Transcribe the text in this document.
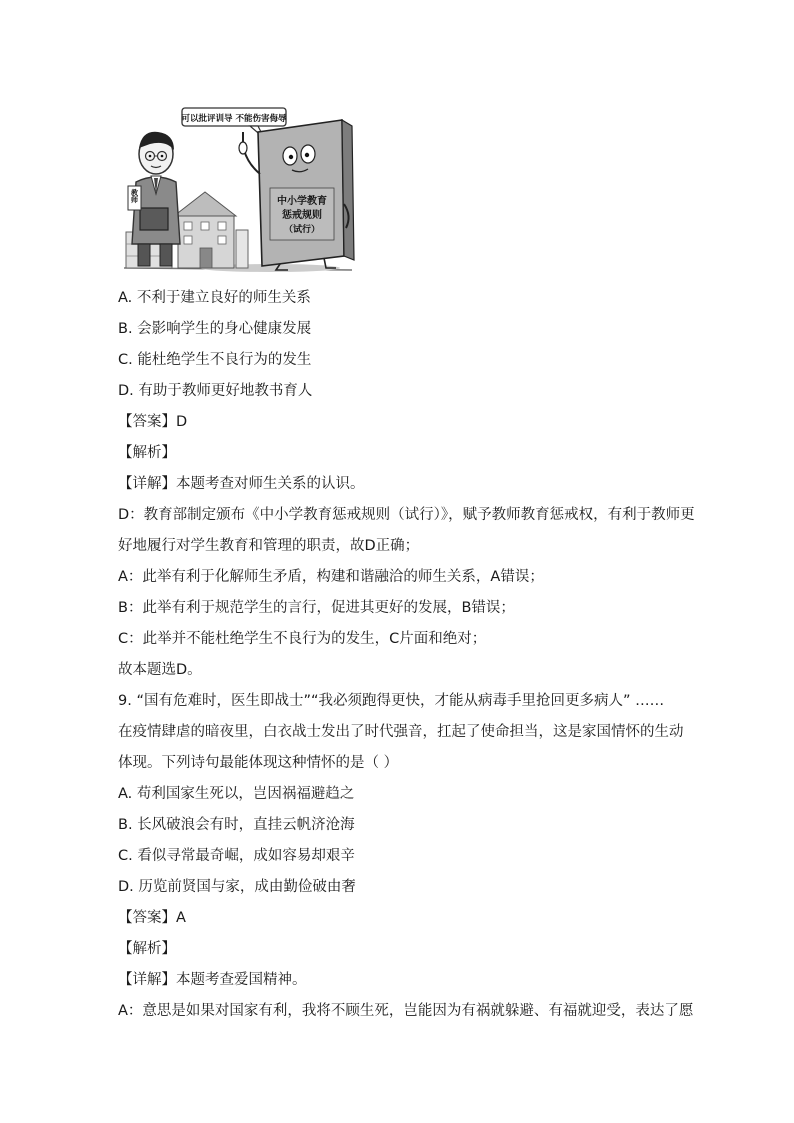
教师
可以批评训导 不能伤害侮辱
中小学教育
惩戒规则
（试行）
A. 不利于建立良好的师生关系
B. 会影响学生的身心健康发展
C. 能杜绝学生不良行为的发生
D. 有助于教师更好地教书育人
【答案】D
【解析】
【详解】本题考查对师生关系的认识。
D：教育部制定颁布《中小学教育惩戒规则（试行）》，赋予教师教育惩戒权，有利于教师更
好地履行对学生教育和管理的职责，故D正确；
A：此举有利于化解师生矛盾，构建和谐融洽的师生关系，A错误；
B：此举有利于规范学生的言行，促进其更好的发展，B错误；
C：此举并不能杜绝学生不良行为的发生，C片面和绝对；
故本题选D。
9. “国有危难时，医生即战士”“我必须跑得更快，才能从病毒手里抢回更多病人” ……
在疫情肆虐的暗夜里，白衣战士发出了时代强音，扛起了使命担当，这是家国情怀的生动
体现。下列诗句最能体现这种情怀的是（ ）
A. 苟利国家生死以，岂因祸福避趋之
B. 长风破浪会有时，直挂云帆济沧海
C. 看似寻常最奇崛，成如容易却艰辛
D. 历览前贤国与家，成由勤俭破由奢
【答案】A
【解析】
【详解】本题考查爱国精神。
A：意思是如果对国家有利，我将不顾生死，岂能因为有祸就躲避、有福就迎受，表达了愿
